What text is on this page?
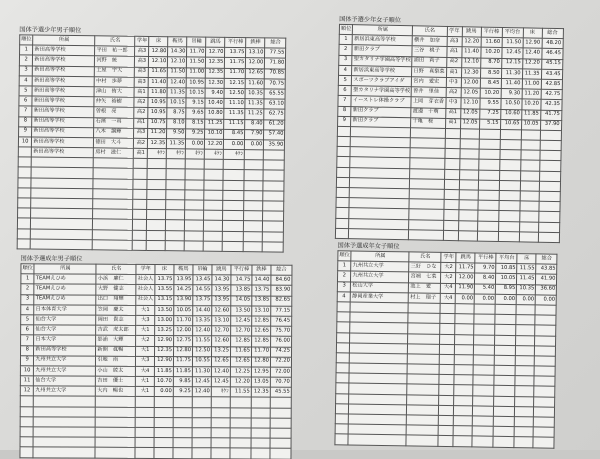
国体予選少年男子順位
順位	所属	氏名	学年	床	鞍馬	吊輪	跳馬	平行棒	鉄棒	総合
1	新田高等学校	平田　祐一郎	高3	12.80	14.30	11.70	12.70	13.75	13.10	77.55
2	新田高等学校	河野　統	高3	12.10	12.10	11.50	12.35	11.75	12.00	71.80
3	新田高等学校	土屋　宇大	高3	11.65	11.50	11.00	12.35	11.70	12.65	70.85
4	新田高等学校	中村　歩夢	高3	11.40	12.40	10.95	12.30	12.15	11.60	70.75
5	新田高等学校	津山　侑大	高1	11.80	11.35	10.15	9.40	12.50	10.35	65.55
6	新田高等学校	仲矢　裕樹	高2	10.95	10.15	9.15	10.40	11.10	11.35	63.10
7	新田高等学校	曽根　亮	高2	10.95	8.75	9.65	10.80	11.35	11.25	62.75
8	新田高等学校	石濱　一真	高1	10.75	8.10	8.15	11.25	11.15	8.40	61.20
9	新田高等学校	八木　譲輝	高3	11.20	9.50	9.25	10.10	8.45	7.90	57.40
10	新田高等学校	徳田　大斗	高2	12.35	11.35	0.00	12.20	0.00	0.00	35.90
	新田高等学校	房村　滋仁	高1	ｷｹﾝ	ｷｹﾝ	ｷｹﾝ	ｷｹﾝ	ｷｹﾝ		

国体予選少年女子順位
順位	所属	氏名	学年	跳馬	平行棒	平均台	床	総合
1	新居浜東高等学校	横井　加奈	高3	12.20	11.60	11.50	12.90	48.20
2	新田クラブ	三谷　桃子	高1	11.40	10.20	12.45	12.40	46.45
3	聖カタリナ学園高等学校	浦田　莉子	高2	12.10	8.70	12.15	12.20	45.15
4	新居浜東高等学校	日野　真梨菜	高1	12.30	8.50	11.30	11.35	43.45
5	スポーツクラブアイダ	宮内　愛宏	中3	12.00	8.45	11.40	11.00	42.85
6	聖カタリナ学園高等学校	曽井　里佳	高2	12.05	10.20	9.30	11.20	42.75
7	イーストレ体操クラブ	上岡　芽衣香	中3	12.10	9.55	10.50	10.20	42.35
8	新田クラブ	渡邉　十萌	高1	12.05	7.25	10.60	11.85	41.75
9	新田クラブ	十亀　桜	高1	12.05	5.15	10.65	10.05	37.90

国体予選成年男子順位
順位	所属	氏名	学年	床	鞍馬	吊輪	跳馬	平行棒	鉄棒	総合
1	TEAMえひめ	小浜　廉仁	社会人	13.75	13.95	13.45	14.30	14.75	14.40	84.60
2	TEAMえひめ	大野　健志	社会人	13.55	14.25	14.55	13.95	13.85	13.75	83.90
3	TEAMえひめ	出口　翔輝	社会人	13.15	13.90	13.75	13.95	14.05	13.85	82.65
4	日本体育大学	笠岡　慶太	大1	13.50	10.05	14.40	12.60	13.50	13.10	77.15
5	仙台大学	岡田　貴志	大3	13.00	11.70	13.35	13.10	12.45	12.85	76.45
6	仙台大学	吉武　虎太郎	大1	13.25	12.00	12.40	12.70	12.70	12.65	75.70
7	日本大学	影浦　大輝	大2	12.90	12.75	11.55	12.60	12.85	12.85	76.00
8	新田高等学校	新開　眞暢	大1	12.35	12.80	12.50	13.25	11.65	11.70	74.25
9	九州共立大学	引地　雨	大3	12.90	11.75	10.55	12.65	12.65	12.80	72.20
10	九州共立大学	小山　綾太	大4	11.85	11.85	11.30	12.40	12.25	12.95	72.00
11	仙台大学	吉田　優士	大1	10.70	9.85	12.45	12.45	12.20	13.05	70.70
12	九州共立大学	大内　暢也	大1	0.00	9.25	12.40	ｷｹﾝ	11.55	12.35	45.55

国体予選成年女子順位
順位	所属	氏名	学年	跳馬	平行棒	平均台	床	総合
1	九州共立大学	三好　ひな	大2	11.75	9.70	10.85	11.55	43.85
2	九州共立大学	宮端　七菜	大2	12.00	8.40	10.05	11.45	41.90
3	松山大学	池上　愛	大4	11.90	5.40	8.95	10.35	36.60
4	静岡産業大学	村上　瑠子	大4	0.00	0.00	0.00	0.00	0.00
